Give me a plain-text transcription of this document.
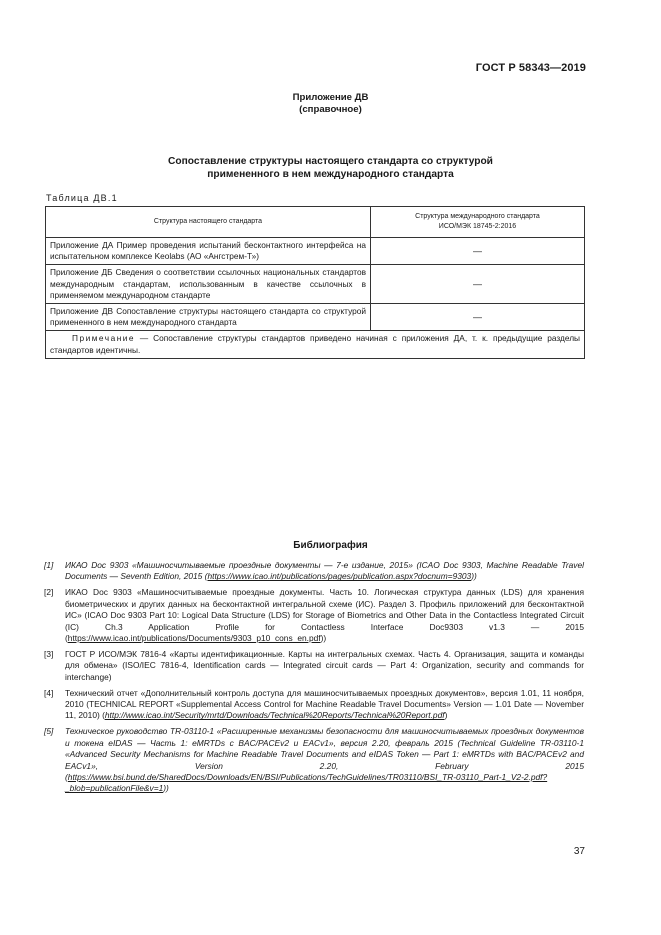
ГОСТ Р 58343—2019
Приложение ДВ
(справочное)
Сопоставление структуры настоящего стандарта со структурой
примененного в нем международного стандарта
Таблица ДВ.1
Структура настоящего стандарта	Структура международного стандарта
ИСО/МЭК 18745-2:2016

Приложение ДА Пример проведения испытаний бесконтактного интерфейса на испытательном комплексе Keolabs (АО «Ангстрем-Т»)	—
Приложение ДБ Сведения о соответствии ссылочных национальных стандартов международным стандартам, использованным в качестве ссылочных в применяемом международном стандарте	—
Приложение ДВ Сопоставление структуры настоящего стандарта со структурой примененного в нем международного стандарта	—
Примечание — Сопоставление структуры стандартов приведено начиная с приложения ДА, т. к. предыдущие разделы стандартов идентичны.	
Библиография
[1]	ИКАО Doc 9303 «Машиносчитываемые проездные документы — 7-е издание, 2015» (ICAO Doc 9303, Machine Readable Travel Documents — Seventh Edition, 2015 (https://www.icao.int/publications/pages/publication.aspx?docnum=9303))
[2]	ИКАО Doc 9303 «Машиносчитываемые проездные документы. Часть 10. Логическая структура данных (LDS) для хранения биометрических и других данных на бесконтактной интегральной схеме (ИС). Раздел 3. Профиль приложений для бесконтактной ИС» (ICAO Doc 9303 Part 10: Logical Data Structure (LDS) for Storage of Biometrics and Other Data in the Contactless Integrated Circuit (IC) Ch.3 Application Profile for Contactless Interface Doc9303 v1.3 — 2015 (https://www.icao.int/publications/Documents/9303_p10_cons_en.pdf))
[3]	ГОСТ Р ИСО/МЭК 7816-4 «Карты идентификационные. Карты на интегральных схемах. Часть 4. Организация, защита и команды для обмена» (ISO/IEC 7816-4, Identification cards — Integrated circuit cards — Part 4: Organization, security and commands for interchange)
[4]	Технический отчет «Дополнительный контроль доступа для машиносчитываемых проездных документов», версия 1.01, 11 ноября, 2010 (TECHNICAL REPORT «Supplemental Access Control for Machine Readable Travel Documents» Version — 1.01 Date — November 11, 2010) (http://www.icao.int/Security/mrtd/Downloads/Technical%20Reports/Technical%20Report.pdf)
[5]	Техническое руководство TR-03110-1 «Расширенные механизмы безопасности для машиносчитываемых проездных документов и токена eIDAS — Часть 1: eMRTDs с BAC/PACEv2 и EACv1», версия 2.20, февраль 2015 (Technical Guideline TR-03110-1 «Advanced Security Mechanisms for Machine Readable Travel Documents and eIDAS Token — Part 1: eMRTDs with BAC/PACEv2 and EACv1», Version 2.20, February 2015 (https://www.bsi.bund.de/SharedDocs/Downloads/EN/BSI/Publications/TechGuidelines/TR03110/BSI_TR-03110_Part-1_V2-2.pdf?_blob=publicationFile&v=1))
37
